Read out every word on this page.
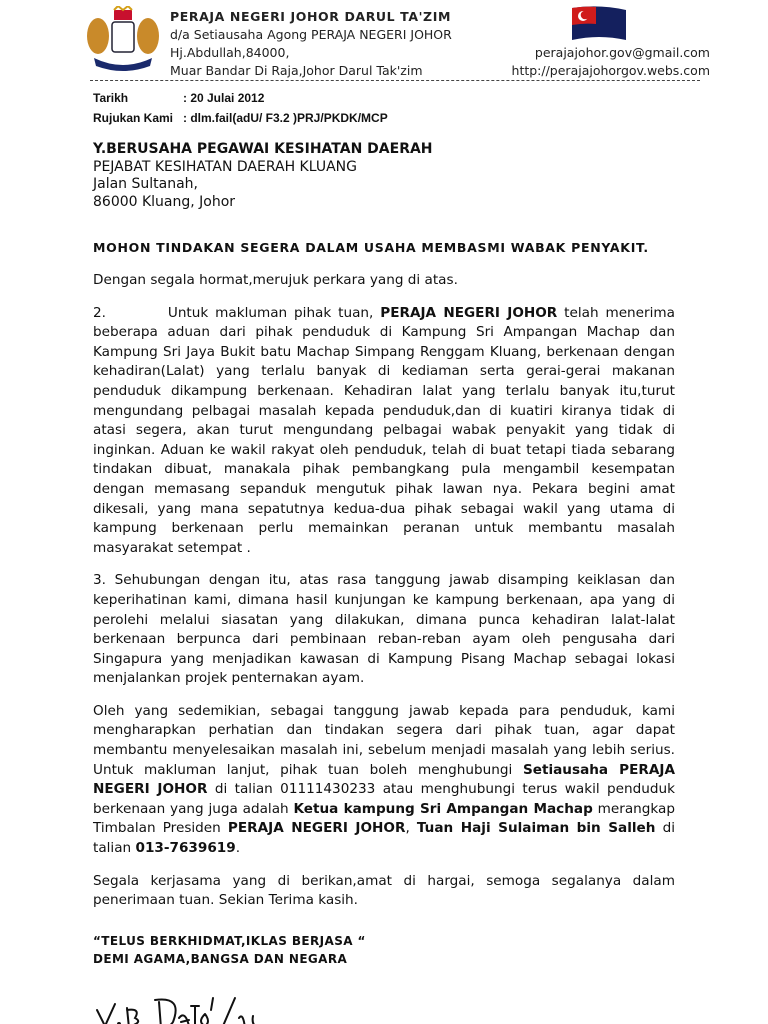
PERAJA NEGERI JOHOR DARUL TA'ZIM
d/a Setiausaha Agong PERAJA NEGERI JOHOR
Hj.Abdullah,84000,
Muar Bandar Di Raja,Johor Darul Tak'zim
perajajohor.gov@gmail.com
http://perajajohorgov.webs.com
Tarikh	: 20 Julai 2012
Rujukan Kami : dlm.fail(adU/ F3.2 )PRJ/PKDK/MCP
Y.BERUSAHA PEGAWAI KESIHATAN DAERAH
PEJABAT KESIHATAN DAERAH KLUANG
Jalan Sultanah,
86000 Kluang, Johor
MOHON TINDAKAN SEGERA DALAM USAHA MEMBASMI WABAK PENYAKIT.

Dengan segala hormat,merujuk perkara yang di atas.

2.         Untuk makluman pihak tuan, PERAJA NEGERI JOHOR telah menerima beberapa aduan dari pihak penduduk di Kampung Sri Ampangan Machap dan Kampung Sri Jaya Bukit batu Machap Simpang Renggam Kluang, berkenaan dengan kehadiran(Lalat) yang terlalu banyak di kediaman serta gerai-gerai makanan penduduk dikampung berkenaan. Kehadiran lalat yang terlalu banyak itu,turut mengundang pelbagai masalah kepada penduduk,dan di kuatiri kiranya tidak di atasi segera, akan turut mengundang pelbagai wabak penyakit yang tidak di inginkan. Aduan ke wakil rakyat oleh penduduk, telah di buat tetapi tiada sebarang tindakan dibuat, manakala pihak pembangkang pula mengambil kesempatan dengan memasang sepanduk mengutuk pihak lawan nya. Pekara begini amat dikesali, yang mana sepatutnya kedua-dua pihak sebagai wakil yang utama di kampung berkenaan perlu memainkan peranan untuk membantu masalah masyarakat setempat .

3. Sehubungan dengan itu, atas rasa tanggung jawab disamping keiklasan dan keperihatinan kami, dimana hasil kunjungan ke kampung berkenaan, apa yang di perolehi melalui siasatan yang dilakukan, dimana punca kehadiran lalat-lalat berkenaan berpunca dari pembinaan reban-reban ayam oleh pengusaha dari Singapura yang menjadikan kawasan di Kampung Pisang Machap sebagai lokasi menjalankan projek penternakan ayam.

Oleh yang sedemikian, sebagai tanggung jawab kepada para penduduk, kami mengharapkan perhatian dan tindakan segera dari pihak tuan, agar dapat membantu menyelesaikan masalah ini, sebelum menjadi masalah yang lebih serius. Untuk makluman lanjut, pihak tuan boleh menghubungi Setiausaha PERAJA NEGERI JOHOR di talian 01111430233 atau menghubungi terus wakil penduduk berkenaan yang juga adalah Ketua kampung Sri Ampangan Machap merangkap Timbalan Presiden PERAJA NEGERI JOHOR, Tuan Haji Sulaiman bin Salleh di talian 013-7639619.

Segala kerjasama yang di berikan,amat di hargai, semoga segalanya dalam penerimaan tuan. Sekian Terima kasih.

“TELUS BERKHIDMAT,IKLAS BERJASA “
DEMI AGAMA,BANGSA DAN NEGARA
